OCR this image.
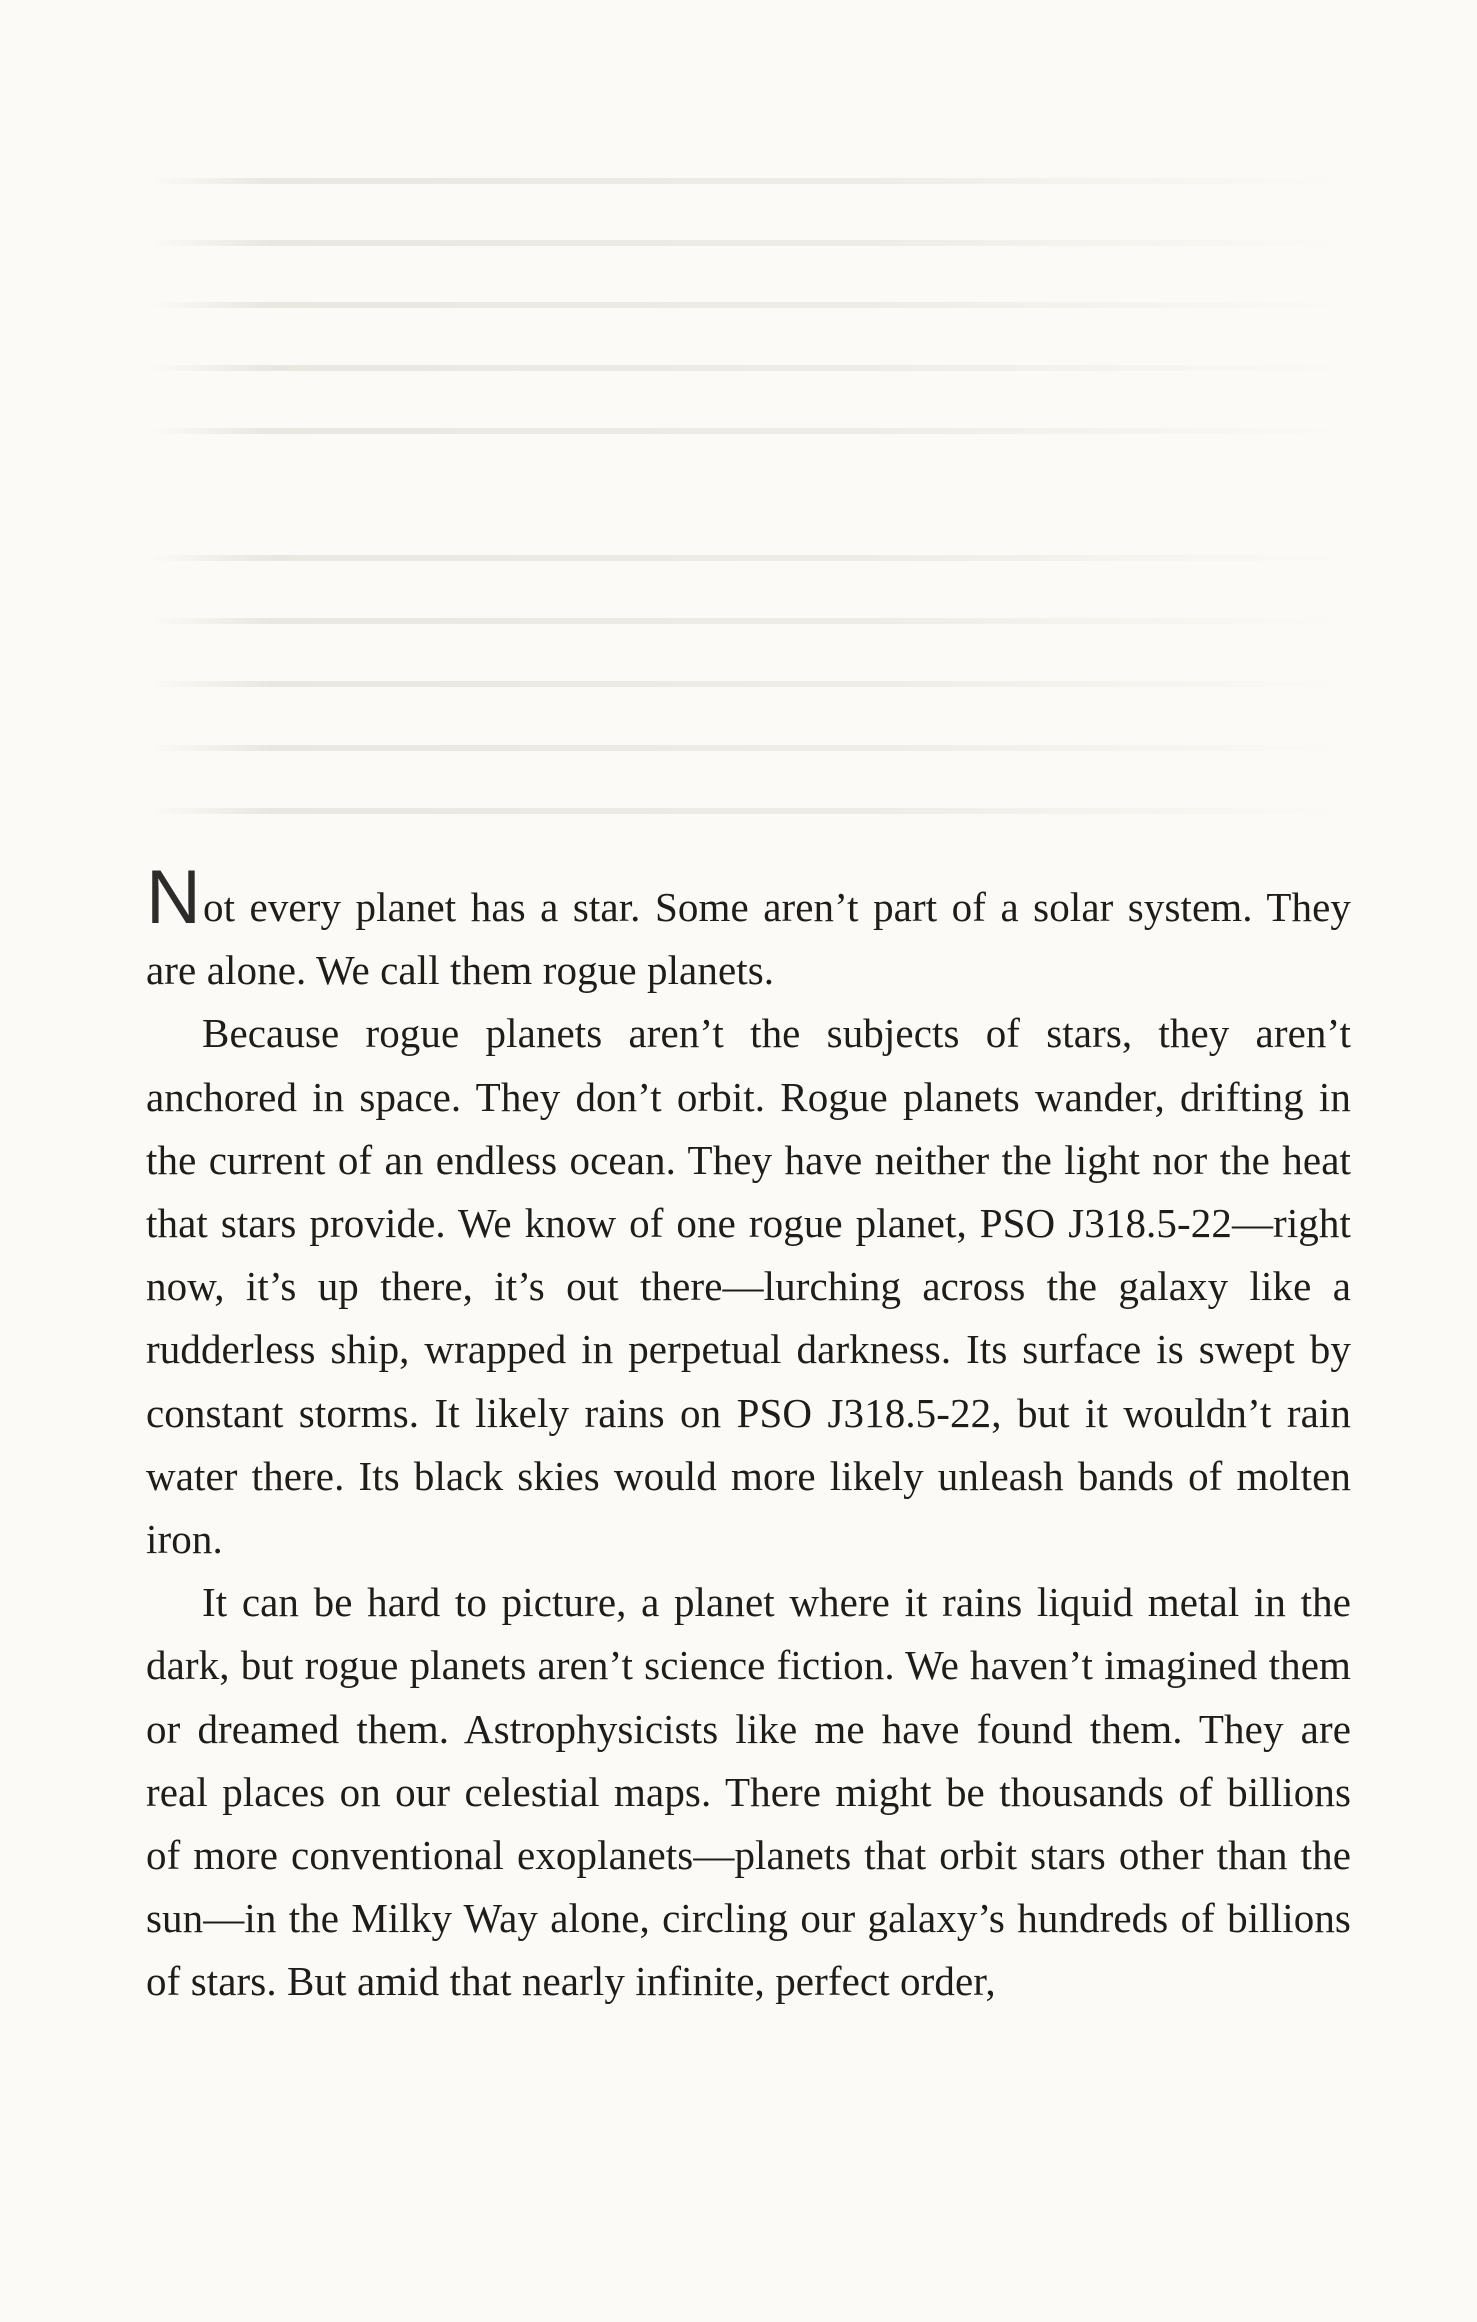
Not every planet has a star. Some aren’t part of a solar system. They are alone. We call them rogue planets.

Because rogue planets aren’t the subjects of stars, they aren’t anchored in space. They don’t orbit. Rogue planets wander, drifting in the current of an endless ocean. They have neither the light nor the heat that stars provide. We know of one rogue planet, PSO J318.5-22—right now, it’s up there, it’s out there—lurching across the galaxy like a rudderless ship, wrapped in perpetual darkness. Its surface is swept by constant storms. It likely rains on PSO J318.5-22, but it wouldn’t rain water there. Its black skies would more likely unleash bands of molten iron.

It can be hard to picture, a planet where it rains liquid metal in the dark, but rogue planets aren’t science fiction. We haven’t imagined them or dreamed them. Astrophysicists like me have found them. They are real places on our celestial maps. There might be thousands of billions of more conventional exoplanets—planets that orbit stars other than the sun—in the Milky Way alone, circling our galaxy’s hundreds of billions of stars. But amid that nearly infinite, perfect order,
